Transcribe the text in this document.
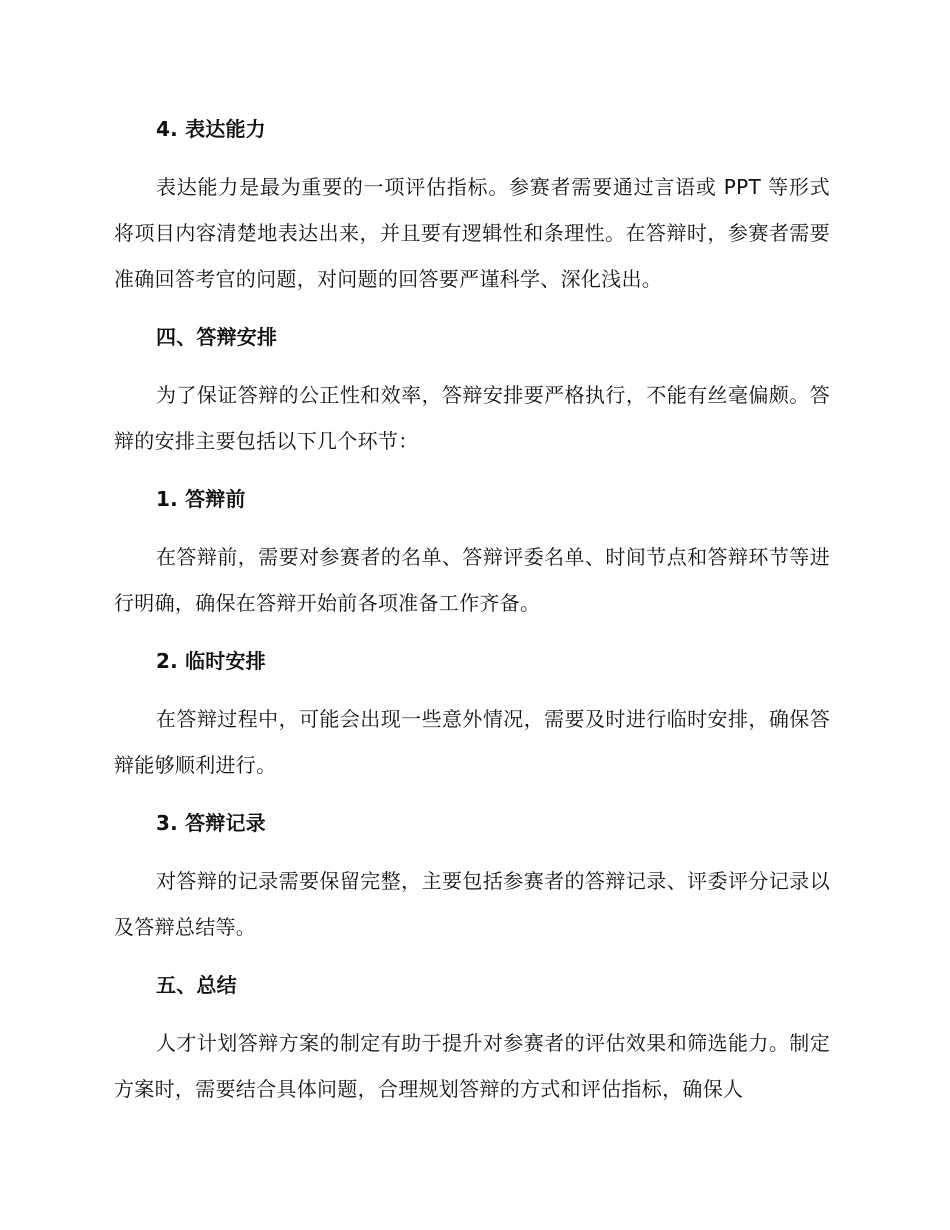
4. 表达能力

表达能力是最为重要的一项评估指标。参赛者需要通过言语或 PPT 等形式将项目内容清楚地表达出来，并且要有逻辑性和条理性。在答辩时，参赛者需要准确回答考官的问题，对问题的回答要严谨科学、深化浅出。

四、答辩安排

为了保证答辩的公正性和效率，答辩安排要严格执行，不能有丝毫偏颇。答辩的安排主要包括以下几个环节：

1. 答辩前

在答辩前，需要对参赛者的名单、答辩评委名单、时间节点和答辩环节等进行明确，确保在答辩开始前各项准备工作齐备。

2. 临时安排

在答辩过程中，可能会出现一些意外情况，需要及时进行临时安排，确保答辩能够顺利进行。

3. 答辩记录

对答辩的记录需要保留完整，主要包括参赛者的答辩记录、评委评分记录以及答辩总结等。

五、总结

人才计划答辩方案的制定有助于提升对参赛者的评估效果和筛选能力。制定方案时，需要结合具体问题，合理规划答辩的方式和评估指标，确保人
